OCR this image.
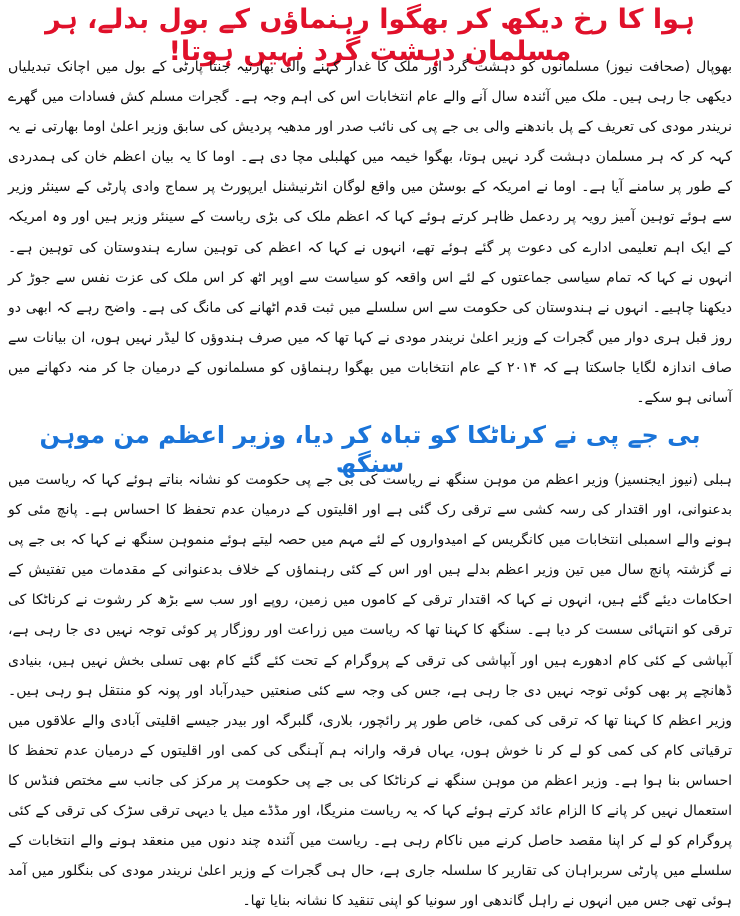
ہوا کا رخ دیکھ کر بھگوا رہنماؤں کے بول بدلے، ہر مسلمان دہشت گرد نہیں ہوتا!

بھوپال (صحافت نیوز) مسلمانوں کو دہشت گرد اور ملک کا غدار کہنے والی بھارتیہ جنتا پارٹی کے بول میں اچانک تبدیلیاں دیکھی جا رہی ہیں۔ ملک میں آئندہ سال آنے والے عام انتخابات اس کی اہم وجہ ہے۔ گجرات مسلم کش فسادات میں گھرے نریندر مودی کی تعریف کے پل باندھنے والی بی جے پی کی نائب صدر اور مدھیہ پردیش کی سابق وزیر اعلیٰ اوما بھارتی نے یہ کہہ کر کہ ہر مسلمان دہشت گرد نہیں ہوتا، بھگوا خیمہ میں کھلبلی مچا دی ہے۔ اوما کا یہ بیان اعظم خان کی ہمدردی کے طور پر سامنے آیا ہے۔ اوما نے امریکہ کے بوسٹن میں واقع لوگان انٹرنیشنل ایرپورٹ پر سماج وادی پارٹی کے سینئر وزیر سے ہوئے توہین آمیز رویہ پر ردعمل ظاہر کرتے ہوئے کہا کہ اعظم ملک کی بڑی ریاست کے سینئر وزیر ہیں اور وہ امریکہ کے ایک اہم تعلیمی ادارے کی دعوت پر گئے ہوئے تھے، انہوں نے کہا کہ اعظم کی توہین سارے ہندوستان کی توہین ہے۔ انہوں نے کہا کہ تمام سیاسی جماعتوں کے لئے اس واقعہ کو سیاست سے اوپر اٹھ کر اس ملک کی عزت نفس سے جوڑ کر دیکھنا چاہیے۔ انہوں نے ہندوستان کی حکومت سے اس سلسلے میں ثبت قدم اٹھانے کی مانگ کی ہے۔ واضح رہے کہ ابھی دو روز قبل ہری دوار میں گجرات کے وزیر اعلیٰ نریندر مودی نے کہا تھا کہ میں صرف ہندوؤں کا لیڈر نہیں ہوں، ان بیانات سے صاف اندازہ لگایا جاسکتا ہے کہ ۲۰۱۴ کے عام انتخابات میں بھگوا رہنماؤں کو مسلمانوں کے درمیان جا کر منہ دکھانے میں آسانی ہو سکے۔

بی جے پی نے کرناٹکا کو تباہ کر دیا، وزیر اعظم من موہن سنگھ

ہبلی (نیوز ایجنسیز) وزیر اعظم من موہن سنگھ نے ریاست کی بی جے پی حکومت کو نشانہ بناتے ہوئے کہا کہ ریاست میں بدعنوانی، اور اقتدار کی رسہ کشی سے ترقی رک گئی ہے اور اقلیتوں کے درمیان عدم تحفظ کا احساس ہے۔ پانچ مئی کو ہونے والے اسمبلی انتخابات میں کانگریس کے امیدواروں کے لئے مہم میں حصہ لیتے ہوئے منموہن سنگھ نے کہا کہ بی جے پی نے گزشتہ پانچ سال میں تین وزیر اعظم بدلے ہیں اور اس کے کئی رہنماؤں کے خلاف بدعنوانی کے مقدمات میں تفتیش کے احکامات دیئے گئے ہیں، انہوں نے کہا کہ اقتدار ترقی کے کاموں میں زمین، روپے اور سب سے بڑھ کر رشوت نے کرناٹکا کی ترقی کو انتہائی سست کر دیا ہے۔ سنگھ کا کہنا تھا کہ ریاست میں زراعت اور روزگار پر کوئی توجہ نہیں دی جا رہی ہے، آبپاشی کے کئی کام ادھورے ہیں اور آبپاشی کی ترقی کے پروگرام کے تحت کئے گئے کام بھی تسلی بخش نہیں ہیں، بنیادی ڈھانچے پر بھی کوئی توجہ نہیں دی جا رہی ہے، جس کی وجہ سے کئی صنعتیں حیدرآباد اور پونہ کو منتقل ہو رہی ہیں۔ وزیر اعظم کا کہنا تھا کہ ترقی کی کمی، خاص طور پر رائچور، بلاری، گلبرگہ اور بیدر جیسے اقلیتی آبادی والے علاقوں میں ترقیاتی کام کی کمی کو لے کر نا خوش ہوں، یہاں فرقہ وارانہ ہم آہنگی کی کمی اور اقلیتوں کے درمیان عدم تحفظ کا احساس بنا ہوا ہے۔ وزیر اعظم من موہن سنگھ نے کرناٹکا کی بی جے پی حکومت پر مرکز کی جانب سے مختص فنڈس کا استعمال نہیں کر پانے کا الزام عائد کرتے ہوئے کہا کہ یہ ریاست منریگا، اور مڈڈے میل یا دیہی ترقی سڑک کی ترقی کے کئی پروگرام کو لے کر اپنا مقصد حاصل کرنے میں ناکام رہی ہے۔ ریاست میں آئندہ چند دنوں میں منعقد ہونے والے انتخابات کے سلسلے میں پارٹی سربراہان کی تقاریر کا سلسلہ جاری ہے، حال ہی گجرات کے وزیر اعلیٰ نریندر مودی کی بنگلور میں آمد ہوئی تھی جس میں انہوں نے راہل گاندھی اور سونیا کو اپنی تنقید کا نشانہ بنایا تھا۔
